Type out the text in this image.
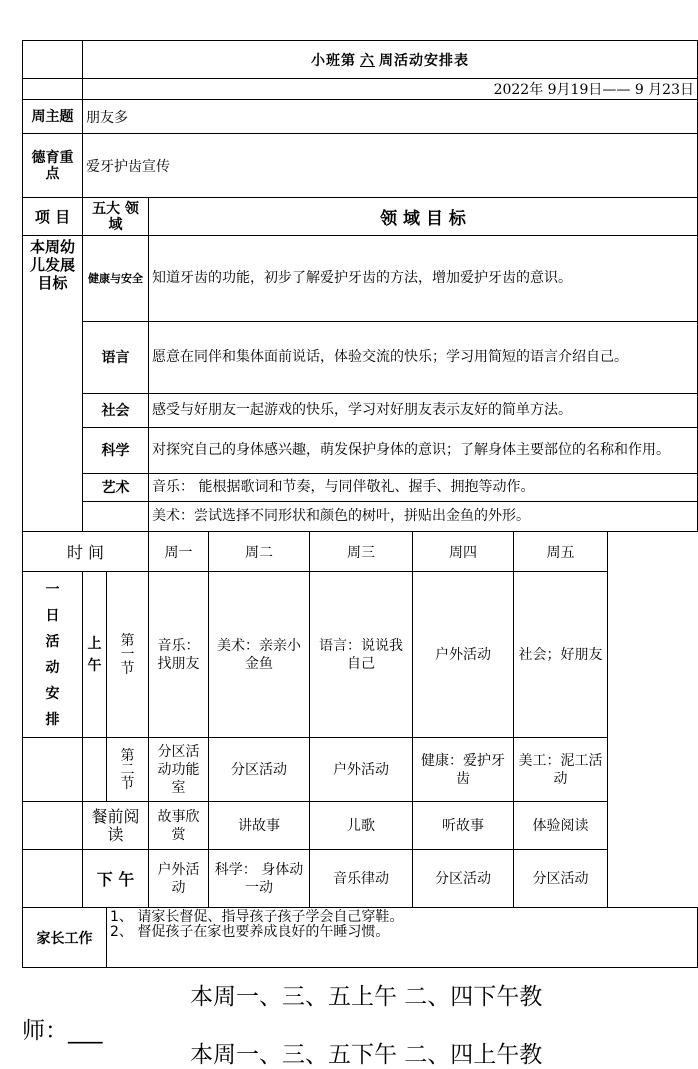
	小班第 六 周活动安排表						
	2022年 9月19日—— 9 月23日						
周主题	朋友多						
德育重点	爱牙护齿宣传						
项 目	五大 领域		领 域 目 标				
本周幼儿发展目标	健康与安全		知道牙齿的功能，初步了解爱护牙齿的方法，增加爱护牙齿的意识。				
	语言		愿意在同伴和集体面前说话，体验交流的快乐；学习用简短的语言介绍自己。				
	社会		感受与好朋友一起游戏的快乐，学习对好朋友表示友好的简单方法。				
	科学		对探究自己的身体感兴趣，萌发保护身体的意识；了解身体主要部位的名称和作用。				
	艺术		音乐： 能根据歌词和节奏，与同伴敬礼、握手、拥抱等动作。				
			美术：尝试选择不同形状和颜色的树叶，拼贴出金鱼的外形。				
时 间			周一	周二	周三	周四	周五
一日活动安排	上午	第一节	音乐：找朋友	美术：亲亲小金鱼	语言：说说我自己	户外活动	社会；好朋友
		第二节	分区活动功能室	分区活动	户外活动	健康：爱护牙齿	美工：泥工活动
	餐前阅读		故事欣赏	讲故事	儿歌	听故事	体验阅读
	下 午		户外活动	科学： 身体动一动	音乐律动	分区活动	分区活动
家长工作		1、 请家长督促、指导孩子孩子学会自己穿鞋。
2、 督促孩子在家也要养成良好的午睡习惯。					
本周一、三、五上午 二、四下午教
师：___
本周一、三、五下午 二、四上午教
